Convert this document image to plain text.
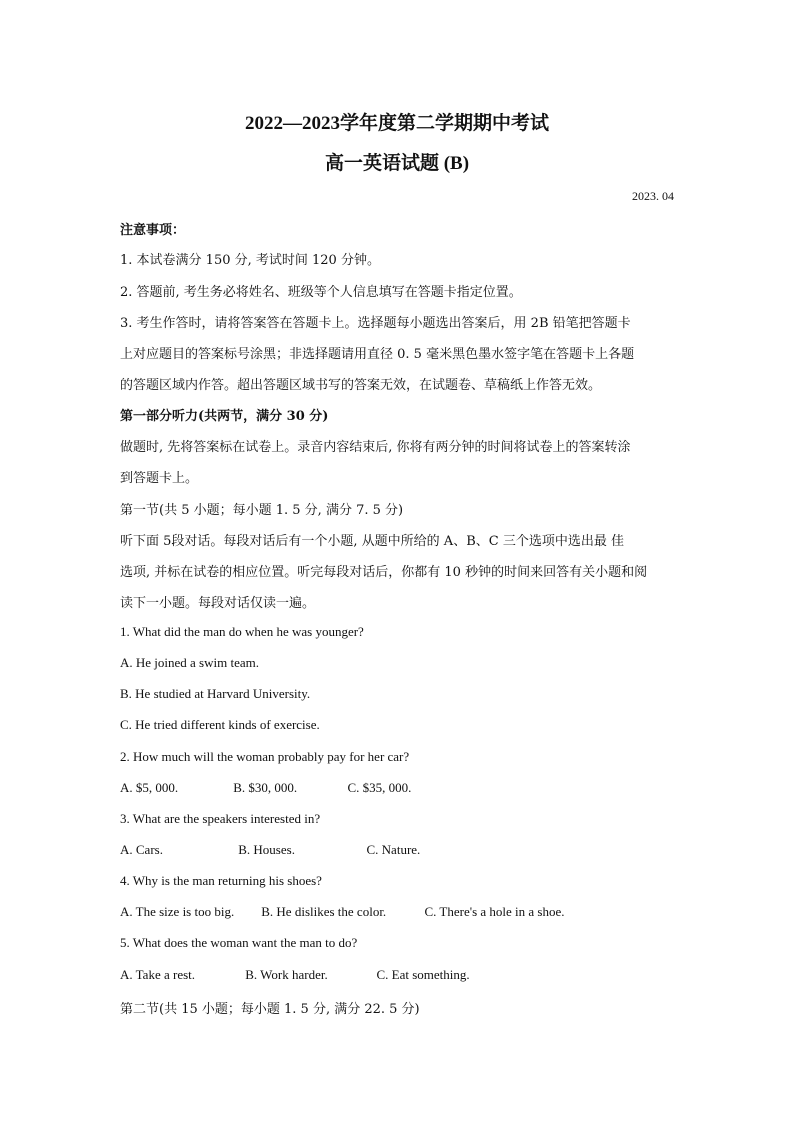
2022—2023学年度第二学期期中考试
高一英语试题 (B)
2023. 04
注意事项：
1. 本试卷满分 150 分, 考试时间 120 分钟。
2. 答题前, 考生务必将姓名、班级等个人信息填写在答题卡指定位置。
3. 考生作答时，请将答案答在答题卡上。选择题每小题选出答案后，用 2B 铅笔把答题卡
上对应题目的答案标号涂黑；非选择题请用直径 0. 5 毫米黑色墨水签字笔在答题卡上各题
的答题区域内作答。超出答题区域书写的答案无效，在试题卷、草稿纸上作答无效。
第一部分听力(共两节，满分 30 分)
做题时, 先将答案标在试卷上。录音内容结束后, 你将有两分钟的时间将试卷上的答案转涂
到答题卡上。
第一节(共 5 小题；每小题 1. 5 分, 满分 7. 5 分)
听下面 5段对话。每段对话后有一个小题, 从题中所给的 A、B、C 三个选项中选出最 佳
选项, 并标在试卷的相应位置。听完每段对话后，你都有 10 秒钟的时间来回答有关小题和阅
读下一小题。每段对话仅读一遍。
1. What did the man do when he was younger?
A. He joined a swim team.
B. He studied at Harvard University.
C. He tried different kinds of exercise.
2. How much will the woman probably pay for her car?
A. $5, 000.	B. $30, 000.	C. $35, 000.
3. What are the speakers interested in?
A. Cars.	B. Houses.	C. Nature.
4. Why is the man returning his shoes?
A. The size is too big. B. He dislikes the color.	C. There's a hole in a shoe.
5. What does the woman want the man to do?
A. Take a rest.	B. Work harder.	C. Eat something.
第二节(共 15 小题；每小题 1. 5 分, 满分 22. 5 分)
